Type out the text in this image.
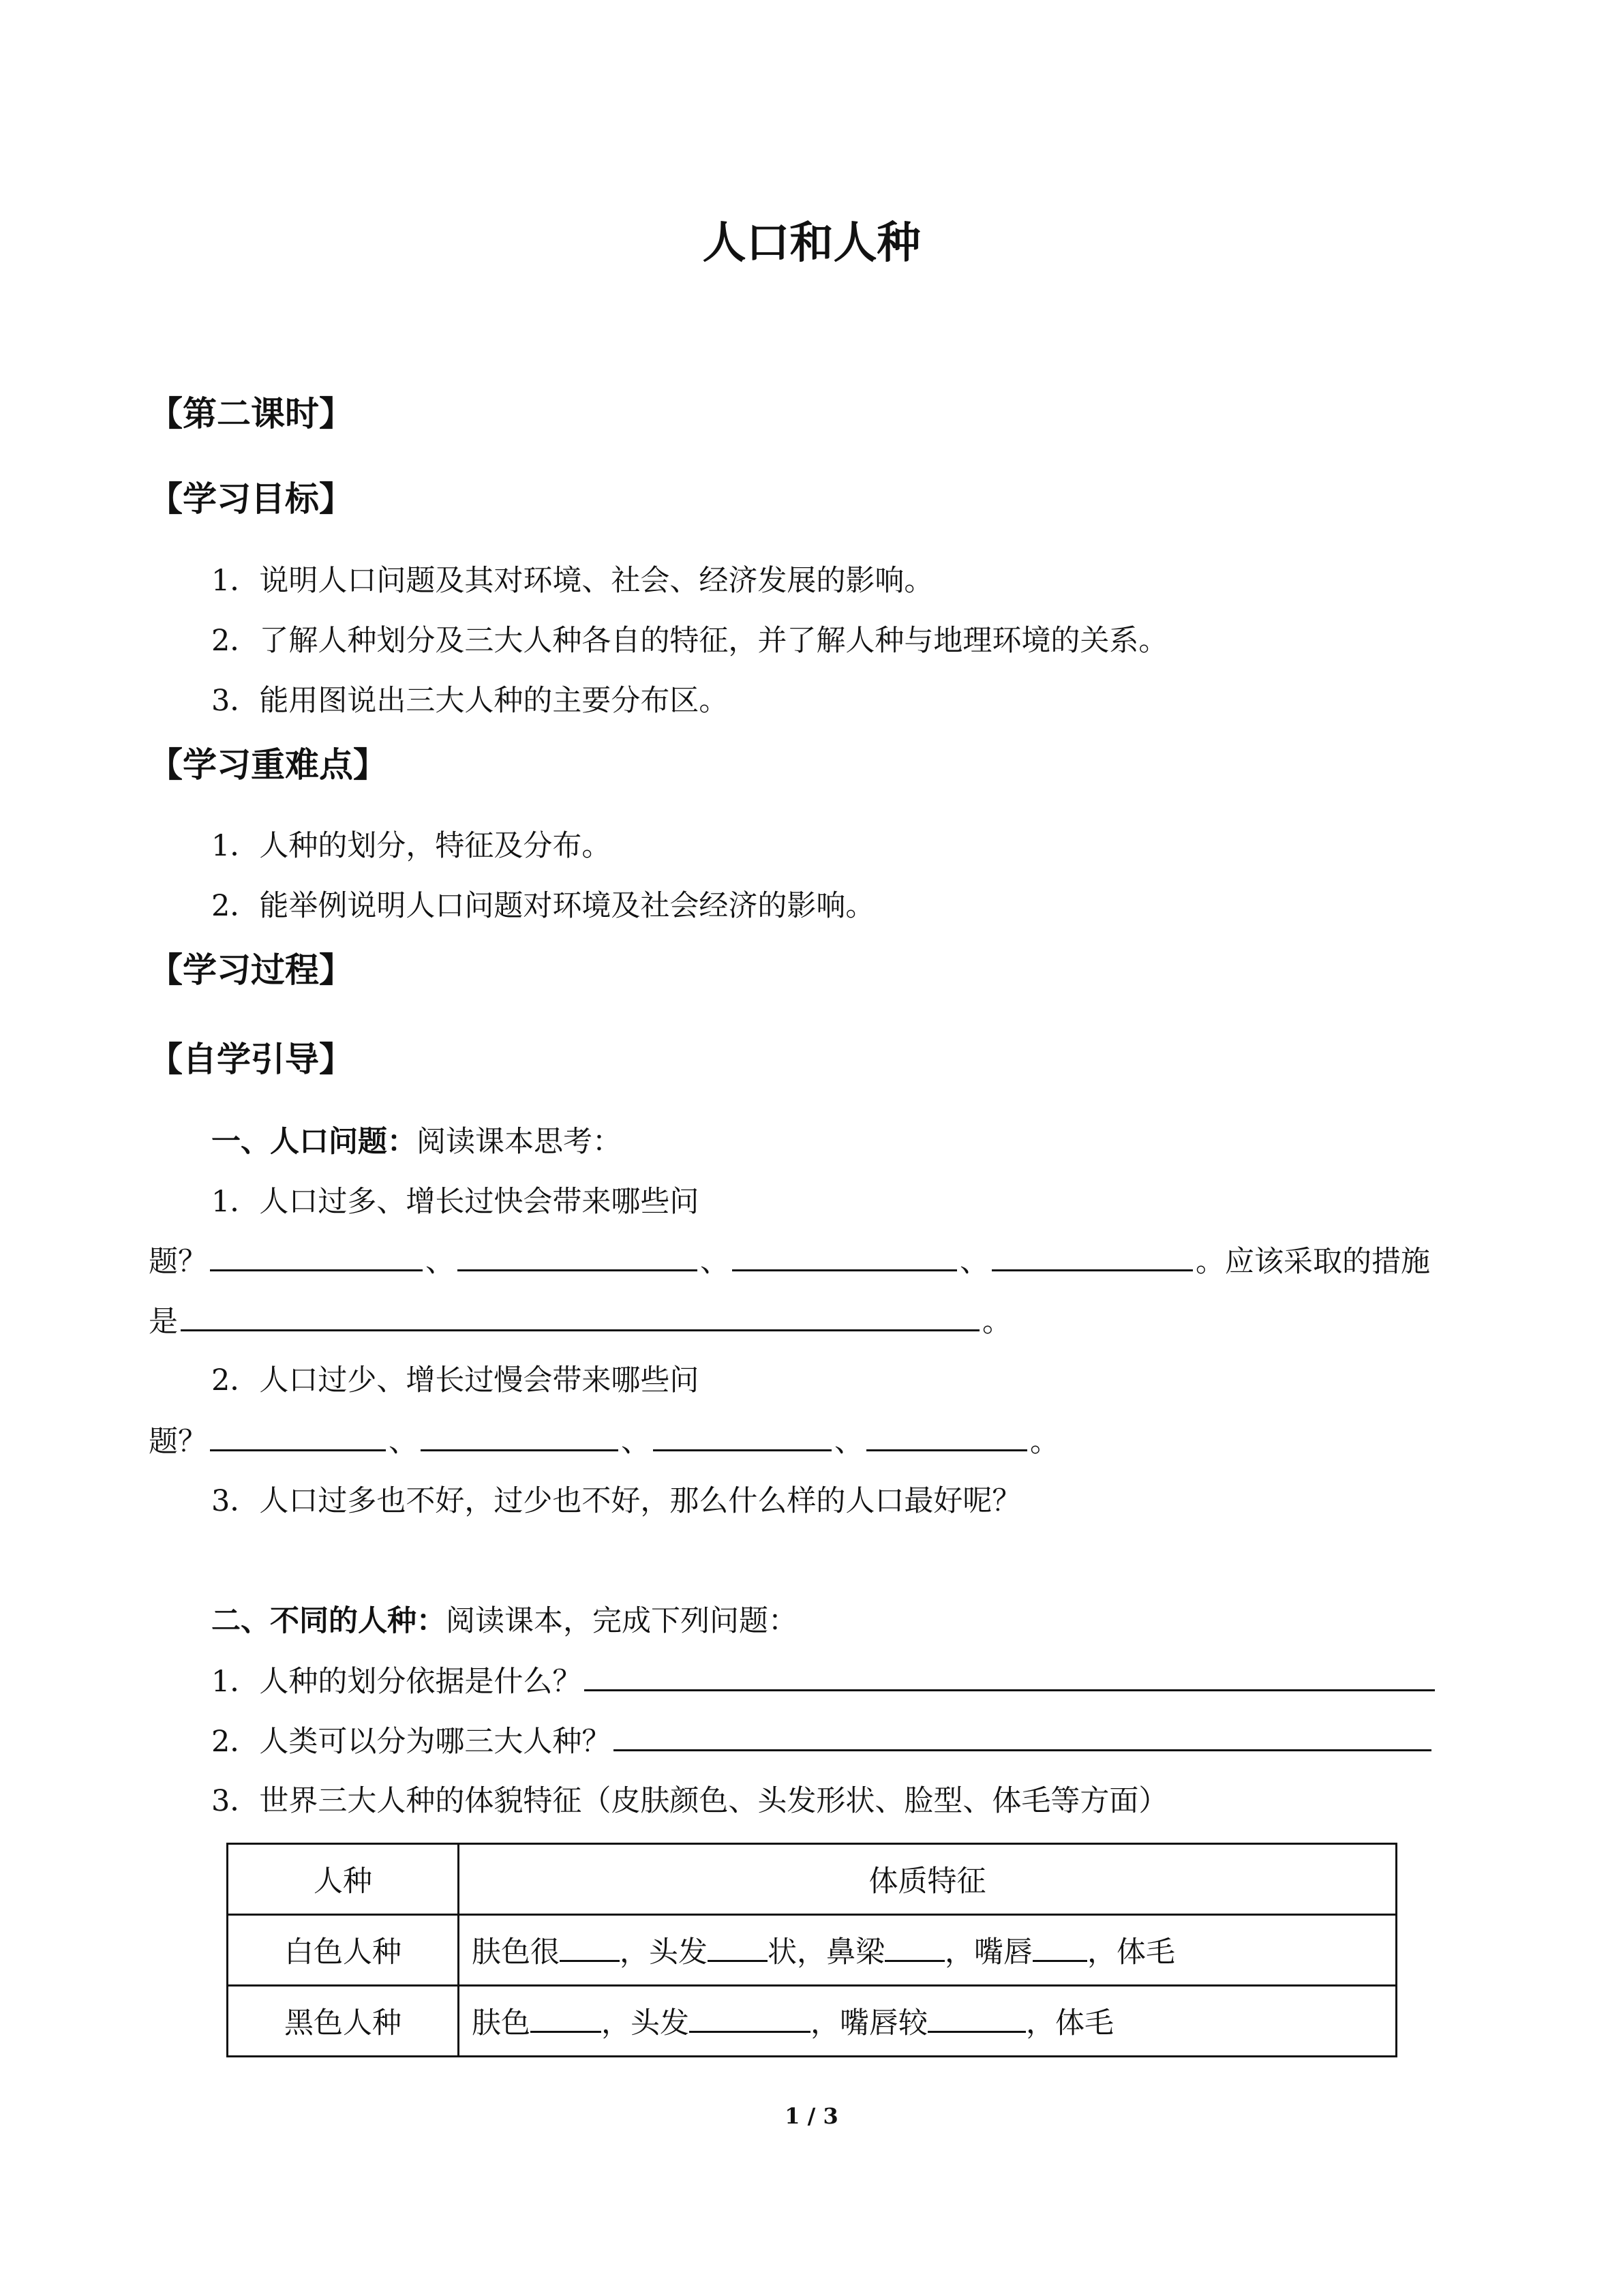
人口和人种
【第二课时】
【学习目标】
1．说明人口问题及其对环境、社会、经济发展的影响。
2．了解人种划分及三大人种各自的特征，并了解人种与地理环境的关系。
3．能用图说出三大人种的主要分布区。
【学习重难点】
1．人种的划分，特征及分布。
2．能举例说明人口问题对环境及社会经济的影响。
【学习过程】
【自学引导】
一、人口问题：阅读课本思考：
1．人口过多、增长过快会带来哪些问
题？	、	、	、	。应该采取的措施
是	。
2．人口过少、增长过慢会带来哪些问
题？	、	、	、	。
3．人口过多也不好，过少也不好，那么什么样的人口最好呢？
二、不同的人种：阅读课本，完成下列问题：
1．人种的划分依据是什么？
2．人类可以分为哪三大人种？
3．世界三大人种的体貌特征（皮肤颜色、头发形状、脸型、体毛等方面）
人种	体质特征
白色人种	肤色很 ，头发 状，鼻梁 ，嘴唇 ，体毛
黑色人种	肤色 ，头发 ，嘴唇较 ，体毛
1 / 3
